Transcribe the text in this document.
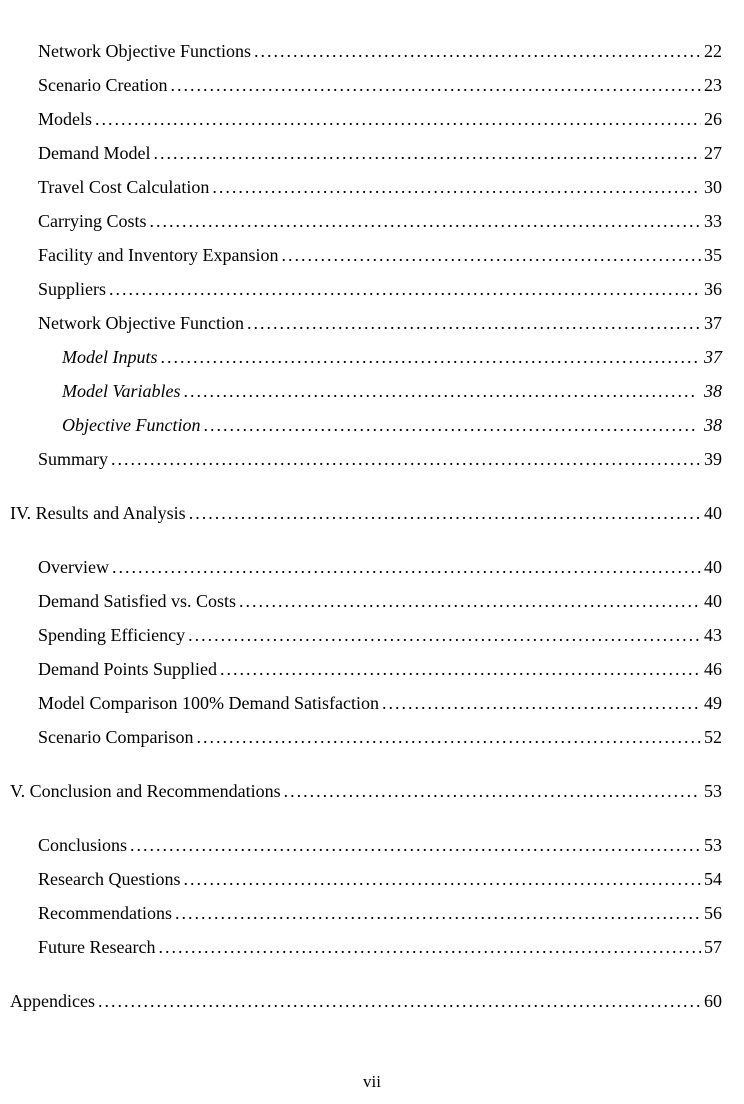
Network Objective Functions .....	22
Scenario Creation .....	23
Models .....	26
Demand Model .....	27
Travel Cost Calculation .....	30
Carrying Costs .....	33
Facility and Inventory Expansion .....	35
Suppliers .....	36
Network Objective Function .....	37
Model Inputs .....	37
Model Variables .....	38
Objective Function .....	38
Summary .....	39
IV. Results and Analysis .....	40
Overview .....	40
Demand Satisfied vs. Costs .....	40
Spending Efficiency .....	43
Demand Points Supplied .....	46
Model Comparison 100% Demand Satisfaction .....	49
Scenario Comparison .....	52
V. Conclusion and Recommendations .....	53
Conclusions .....	53
Research Questions .....	54
Recommendations .....	56
Future Research .....	57
Appendices .....	60
vii
